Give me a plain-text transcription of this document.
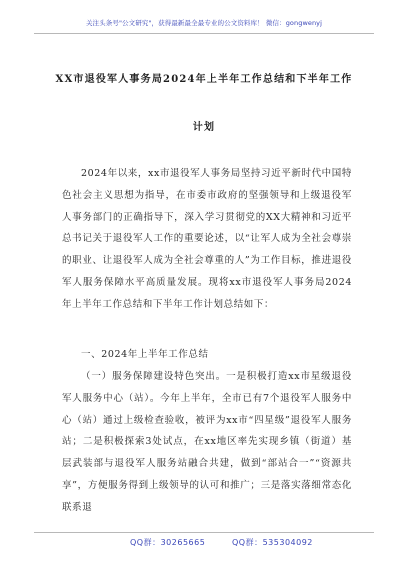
关注头条号"公文研究"，获得最新最全最专业的公文资料库！ 微信：gongwenyj
XX市退役军人事务局2024年上半年工作总结和下半年工作
计划

2024年以来，xx市退役军人事务局坚持习近平新时代中国特色社会主义思想为指导，在市委市政府的坚强领导和上级退役军人事务部门的正确指导下，深入学习贯彻党的XX大精神和习近平总书记关于退役军人工作的重要论述，以“让军人成为全社会尊崇的职业、让退役军人成为全社会尊重的人”为工作目标，推进退役军人服务保障水平高质量发展。现将xx市退役军人事务局2024年上半年工作总结和下半年工作计划总结如下：

一、2024年上半年工作总结

（一）服务保障建设特色突出。一是积极打造xx市星级退役军人服务中心（站）。今年上半年，全市已有7个退役军人服务中心（站）通过上级检查验收，被评为xx市“四星级”退役军人服务站；二是积极探索3处试点，在xx地区率先实现乡镇（街道）基层武装部与退役军人服务站融合共建，做到“部站合一”“资源共享”，方便服务得到上级领导的认可和推广；三是落实落细常态化联系退

QQ群：30265665	QQ群：535304092
